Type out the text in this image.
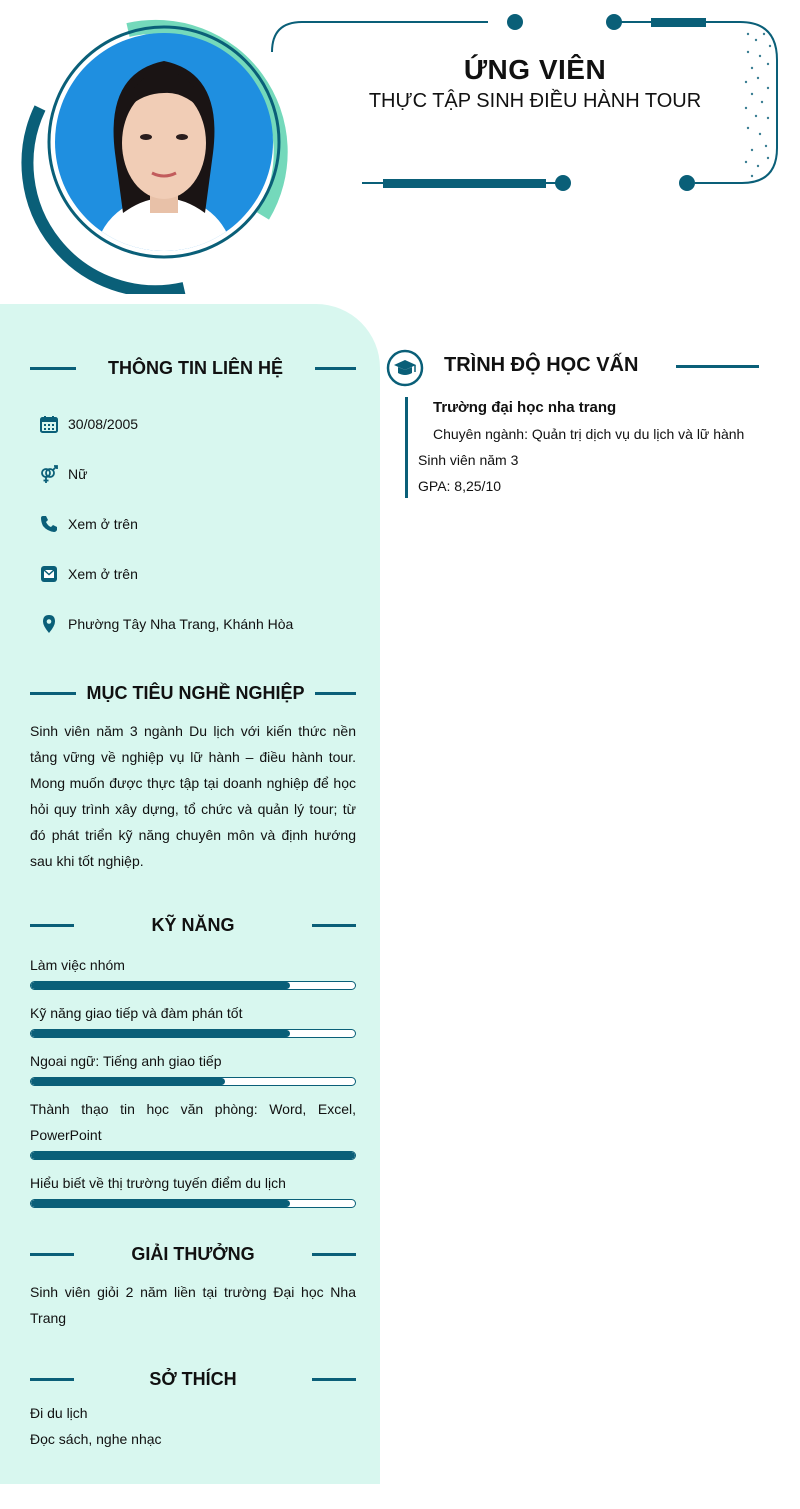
ỨNG VIÊN
THỰC TẬP SINH ĐIỀU HÀNH TOUR
THÔNG TIN LIÊN HỆ
30/08/2005
Nữ
Xem ở trên
Xem ở trên
Phường Tây Nha Trang, Khánh Hòa
MỤC TIÊU NGHỀ NGHIỆP
Sinh viên năm 3 ngành Du lịch với kiến thức nền tảng vững về nghiệp vụ lữ hành – điều hành tour. Mong muốn được thực tập tại doanh nghiệp để học hỏi quy trình xây dựng, tổ chức và quản lý tour; từ đó phát triển kỹ năng chuyên môn và định hướng sau khi tốt nghiệp.
KỸ NĂNG
Làm việc nhóm
Kỹ năng giao tiếp và đàm phán tốt
Ngoai ngữ: Tiếng anh giao tiếp
Thành thạo tin học văn phòng: Word, Excel, PowerPoint
Hiểu biết về thị trường tuyến điểm du lịch
GIẢI THƯỞNG
Sinh viên giỏi 2 năm liền tại trường Đại học Nha Trang
SỞ THÍCH
Đi du lịch
Đọc sách, nghe nhạc
TRÌNH ĐỘ HỌC VẤN
Trường đại học nha trang
Chuyên ngành: Quản trị dịch vụ du lịch và lữ hành
Sinh viên năm 3
GPA: 8,25/10
